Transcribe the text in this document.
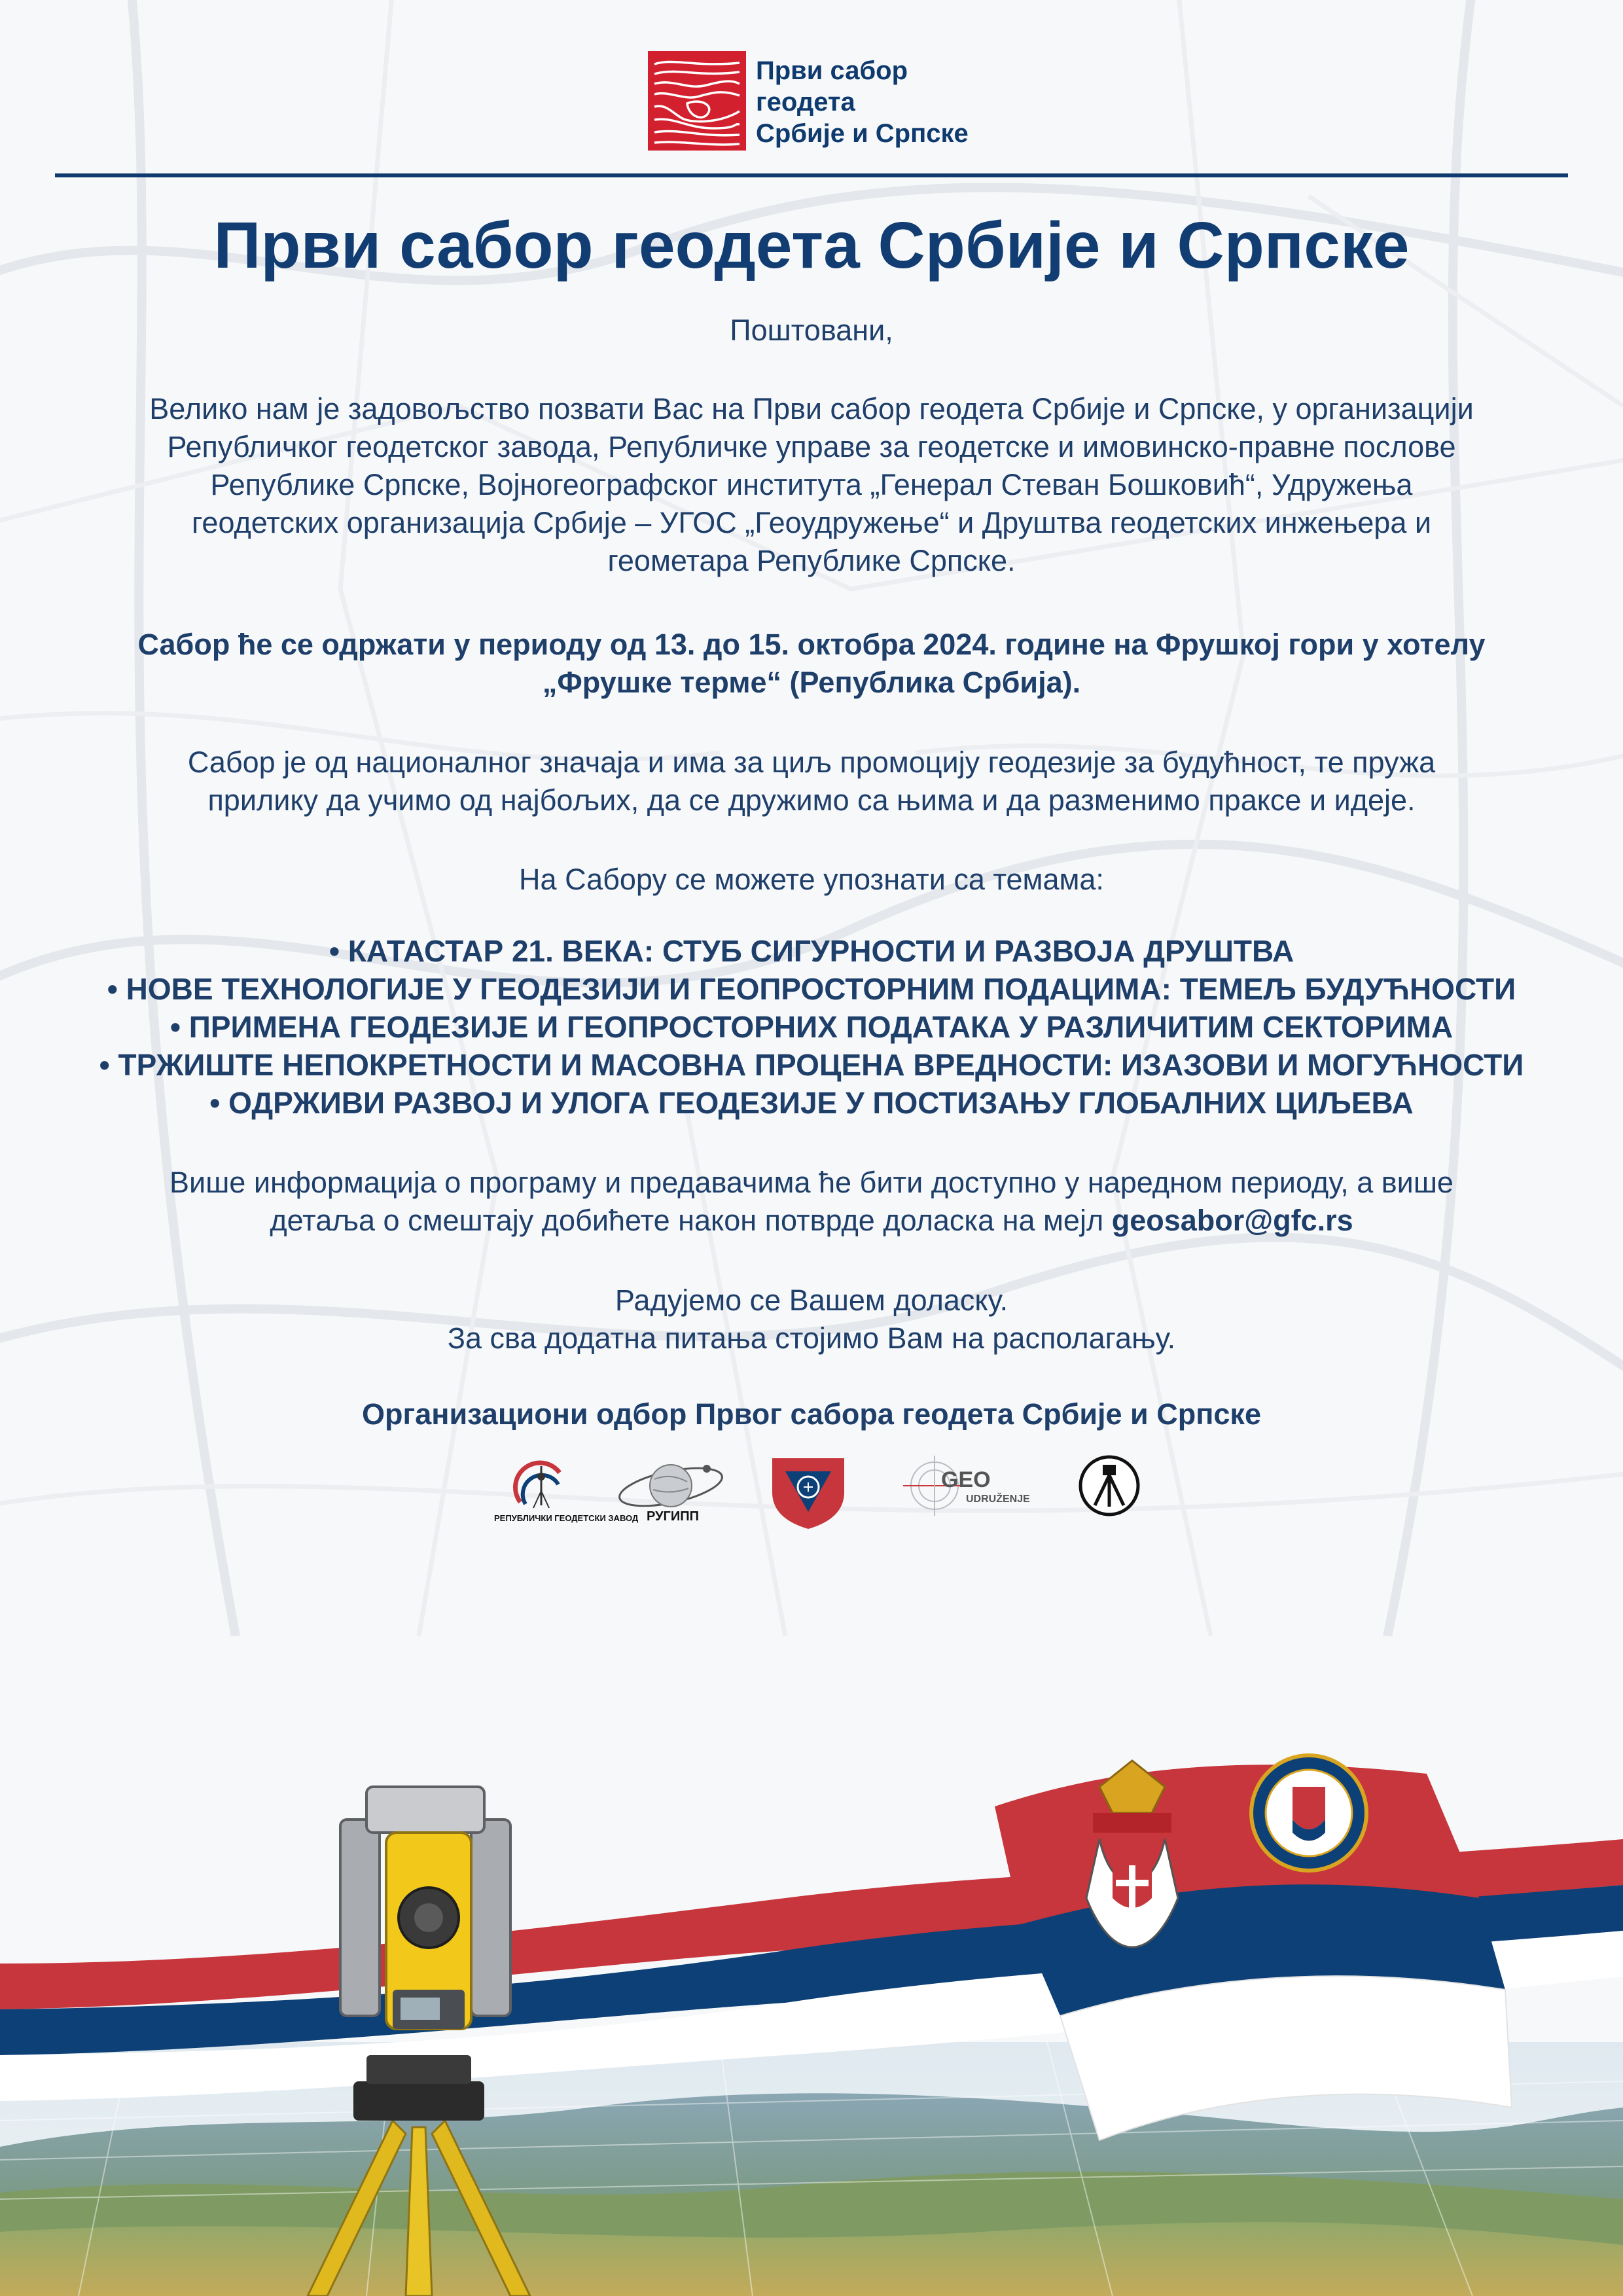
Први сабор
геодета
Србије и Српске
Први сабор геодета Србије и Српске
Поштовани,
Велико нам је задовољство позвати Вас на Први сабор геодета Србије и Српске, у организацији
Републичког геодетског завода, Републичке управе за геодетске и имовинско-правне послове
Републике Српске, Војногеографског института „Генерал Стеван Бошковић“, Удружења
геодетских организација Србије – УГОС „Геоудружење“ и Друштва геодетских инжењера и
геометара Републике Српске.
Сабор ће се одржати у периоду од 13. до 15. октобра 2024. године на Фрушкој гори у хотелу
„Фрушке терме“ (Република Србија).
Сабор је од националног значаја и има за циљ промоцију геодезије за будућност, те пружа
прилику да учимо од најбољих, да се дружимо са њима и да разменимо праксе и идеје.
На Сабору се можете упознати са темама:
• КАТАСТАР 21. ВЕКА: СТУБ СИГУРНОСТИ И РАЗВОЈА ДРУШТВА
• НОВЕ ТЕХНОЛОГИЈЕ У ГЕОДЕЗИЈИ И ГЕОПРОСТОРНИМ ПОДАЦИМА: ТЕМЕЉ БУДУЋНОСТИ
• ПРИМЕНА ГЕОДЕЗИЈЕ И ГЕОПРОСТОРНИХ ПОДАТАКА У РАЗЛИЧИТИМ СЕКТОРИМА
• ТРЖИШТЕ НЕПОКРЕТНОСТИ И МАСОВНА ПРОЦЕНА ВРЕДНОСТИ: ИЗАЗОВИ И МОГУЋНОСТИ
• ОДРЖИВИ РАЗВОЈ И УЛОГА ГЕОДЕЗИЈЕ У ПОСТИЗАЊУ ГЛОБАЛНИХ ЦИЉЕВА
Више информација о програму и предавачима ће бити доступно у наредном периоду, а више
детаља о смештају добићете након потврде доласка на мејл geosabor@gfc.rs
Радујемо се Вашем доласку.
За сва додатна питања стојимо Вам на располагању.
Организациони одбор Првог сабора геодета Србије и Српске
РЕПУБЛИЧКИ ГЕОДЕТСКИ ЗАВОД РУГИПП
GEO
UDRUŽENJE
